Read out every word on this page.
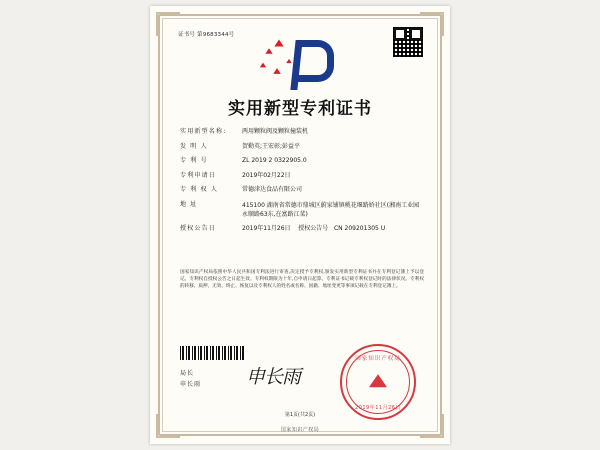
证书号 第9683344号
实用新型专利证书
实用新型名称:	两用颗粒阀及颗粒撞装机
发 明 人	贺勤英;王宏彰;彭益平
专 利 号	ZL 2019 2 0322905.0
专利申请日	2019年02月22日
专 利 权 人	常德津达食品有限公司
地 址	415100 湖南省常德市鼎城区蔚家铺镇桃花堰路娇社区(湘南工业园永顺路63东,在富路江菜)
授权公告日	2019年11月26日 授权公告号 CN 209201305 U
国家知识产权局依照中华人民共和国专利法进行审查,决定授予专利权,颁发实用新型专利证书并在专利登记簿上予以登记。专利权自授权公告之日起生效。专利权期限为十年,自申请日起算。专利证书记载专利权登记时的法律状况。专利权的转移、质押、无效、终止、恢复以及专利权人的姓名或名称、国籍、地址变更等事项记载在专利登记簿上。
局长
申长雨 申长雨
国家知识产权局
2019年11月26日
第1页(共2页)
国家知识产权局
